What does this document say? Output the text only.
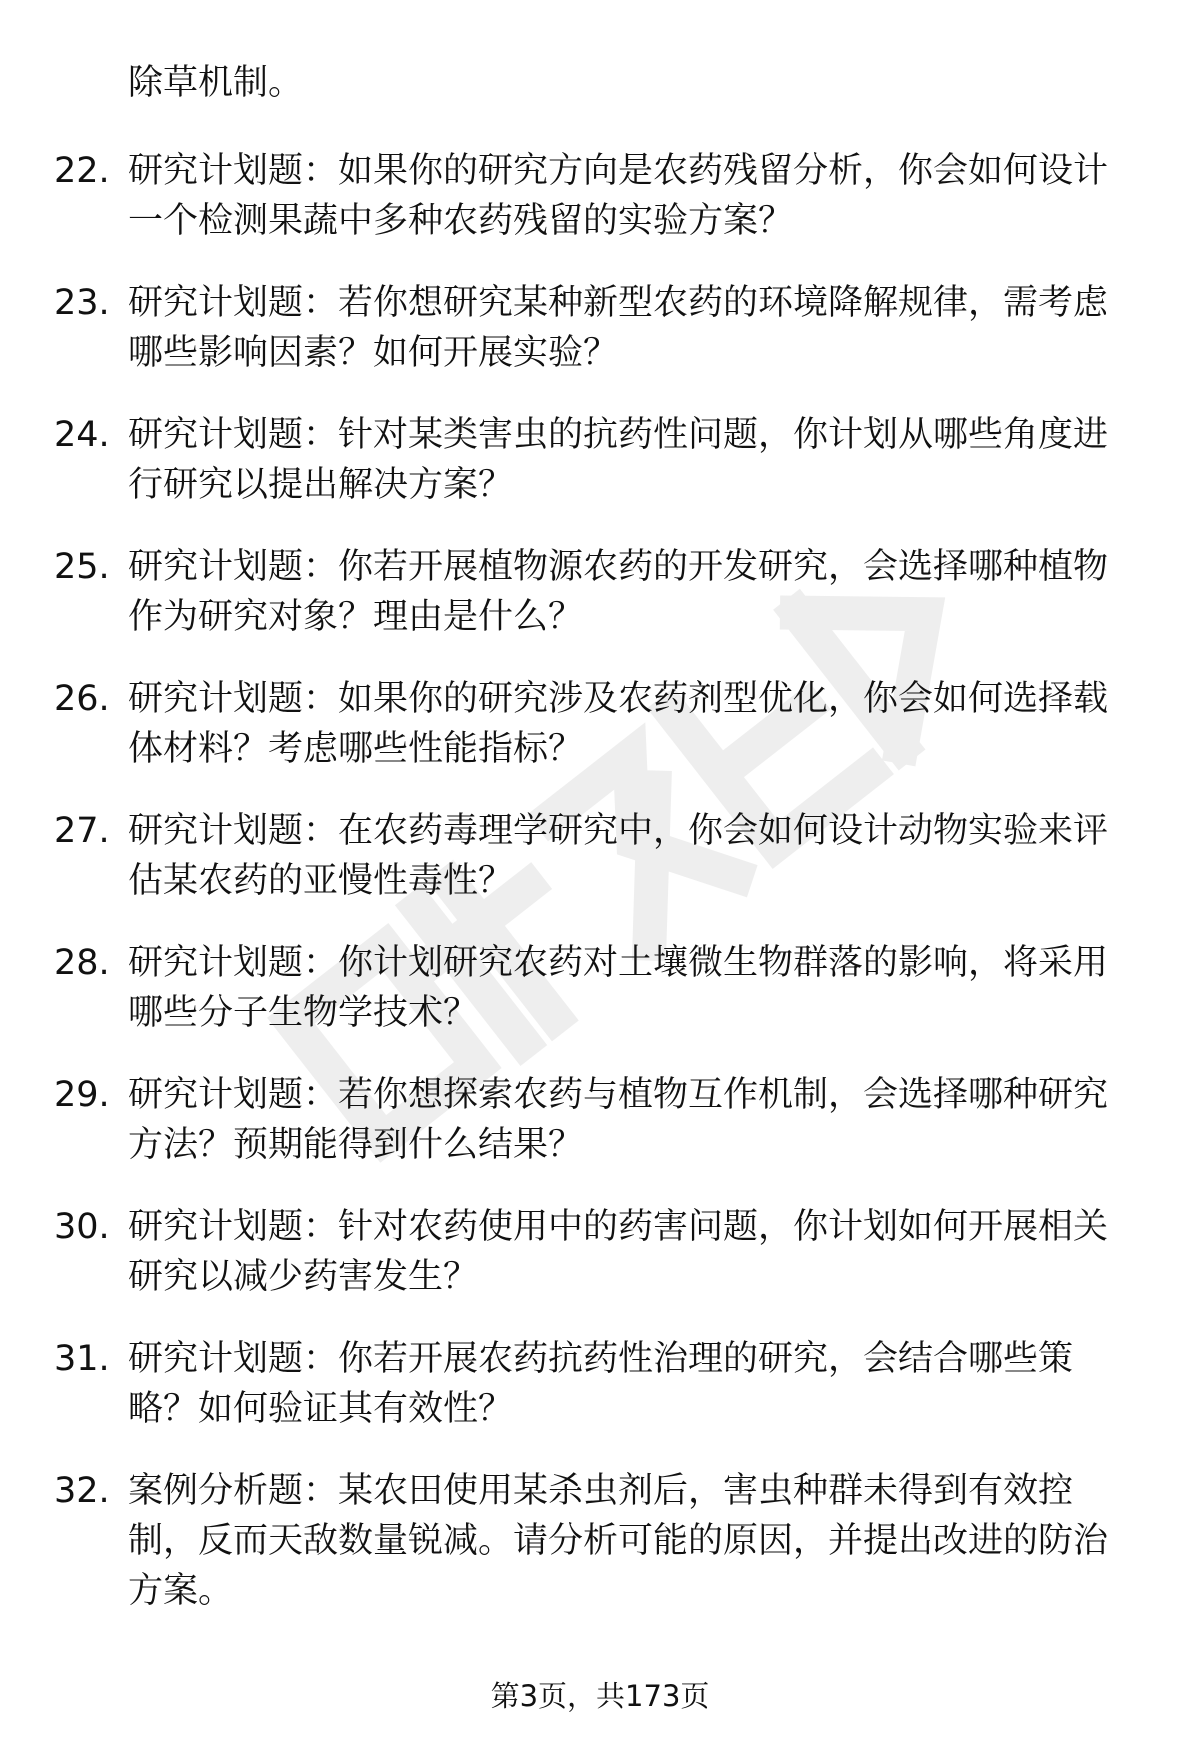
除草机制。
22. 研究计划题：如果你的研究方向是农药残留分析，你会如何设计一个检测果蔬中多种农药残留的实验方案？
23. 研究计划题：若你想研究某种新型农药的环境降解规律，需考虑哪些影响因素？如何开展实验？
24. 研究计划题：针对某类害虫的抗药性问题，你计划从哪些角度进行研究以提出解决方案？
25. 研究计划题：你若开展植物源农药的开发研究，会选择哪种植物作为研究对象？理由是什么？
26. 研究计划题：如果你的研究涉及农药剂型优化，你会如何选择载体材料？考虑哪些性能指标？
27. 研究计划题：在农药毒理学研究中，你会如何设计动物实验来评估某农药的亚慢性毒性？
28. 研究计划题：你计划研究农药对土壤微生物群落的影响，将采用哪些分子生物学技术？
29. 研究计划题：若你想探索农药与植物互作机制，会选择哪种研究方法？预期能得到什么结果？
30. 研究计划题：针对农药使用中的药害问题，你计划如何开展相关研究以减少药害发生？
31. 研究计划题：你若开展农药抗药性治理的研究，会结合哪些策略？如何验证其有效性？
32. 案例分析题：某农田使用某杀虫剂后，害虫种群未得到有效控制，反而天敌数量锐减。请分析可能的原因，并提出改进的防治方案。
第3页，共173页
